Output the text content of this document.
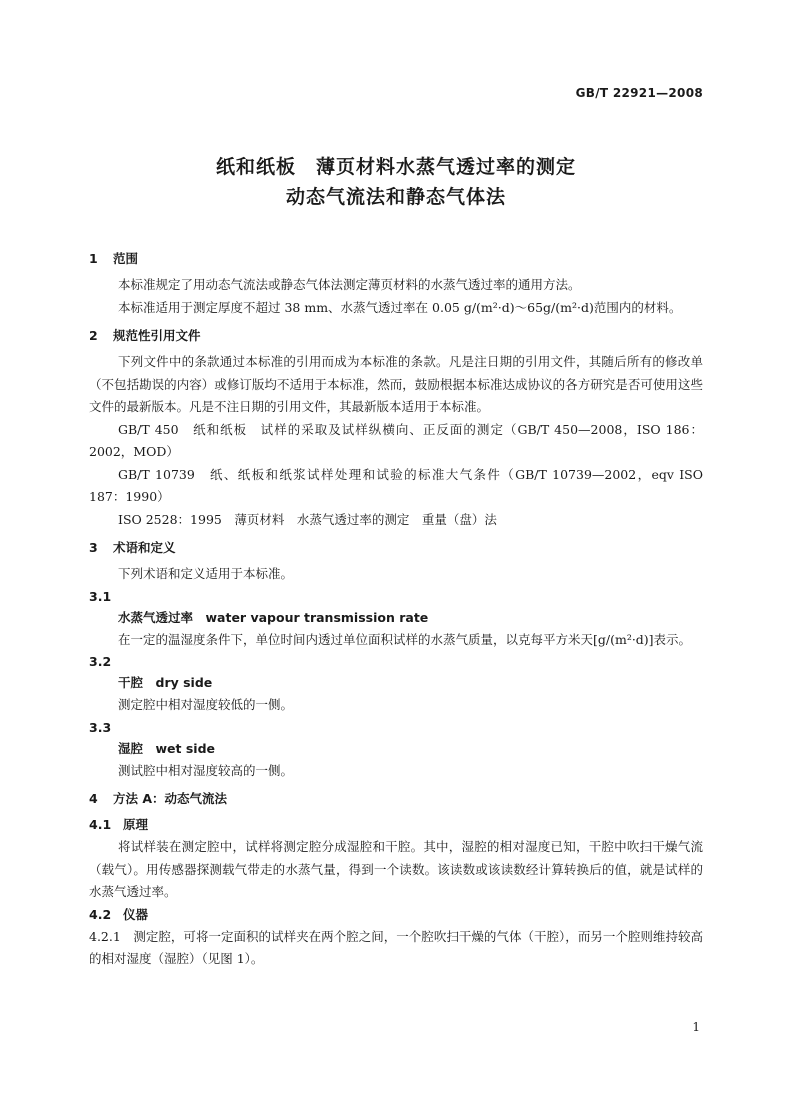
GB/T 22921—2008
纸和纸板　薄页材料水蒸气透过率的测定
动态气流法和静态气体法
1 范围

本标准规定了用动态气流法或静态气体法测定薄页材料的水蒸气透过率的通用方法。

本标准适用于测定厚度不超过 38 mm、水蒸气透过率在 0.05 g/(m²·d)～65g/(m²·d)范围内的材料。

2 规范性引用文件

下列文件中的条款通过本标准的引用而成为本标准的条款。凡是注日期的引用文件，其随后所有的修改单（不包括勘误的内容）或修订版均不适用于本标准，然而，鼓励根据本标准达成协议的各方研究是否可使用这些文件的最新版本。凡是不注日期的引用文件，其最新版本适用于本标准。

GB/T 450　纸和纸板　试样的采取及试样纵横向、正反面的测定（GB/T 450—2008，ISO 186：2002，MOD）

GB/T 10739　纸、纸板和纸浆试样处理和试验的标准大气条件（GB/T 10739—2002，eqv ISO 187：1990）

ISO 2528：1995　薄页材料　水蒸气透过率的测定　重量（盘）法

3 术语和定义

下列术语和定义适用于本标准。

3.1
水蒸气透过率　water vapour transmission rate

在一定的温湿度条件下，单位时间内透过单位面积试样的水蒸气质量，以克每平方米天[g/(m²·d)]表示。

3.2
干腔　dry side

测定腔中相对湿度较低的一侧。

3.3
湿腔　wet side

测试腔中相对湿度较高的一侧。

4 方法 A：动态气流法
4.1 原理

将试样装在测定腔中，试样将测定腔分成湿腔和干腔。其中，湿腔的相对湿度已知，干腔中吹扫干燥气流（载气）。用传感器探测载气带走的水蒸气量，得到一个读数。该读数或该读数经计算转换后的值，就是试样的水蒸气透过率。

4.2 仪器

4.2.1　测定腔，可将一定面积的试样夹在两个腔之间，一个腔吹扫干燥的气体（干腔），而另一个腔则维持较高的相对湿度（湿腔）（见图 1）。

1
